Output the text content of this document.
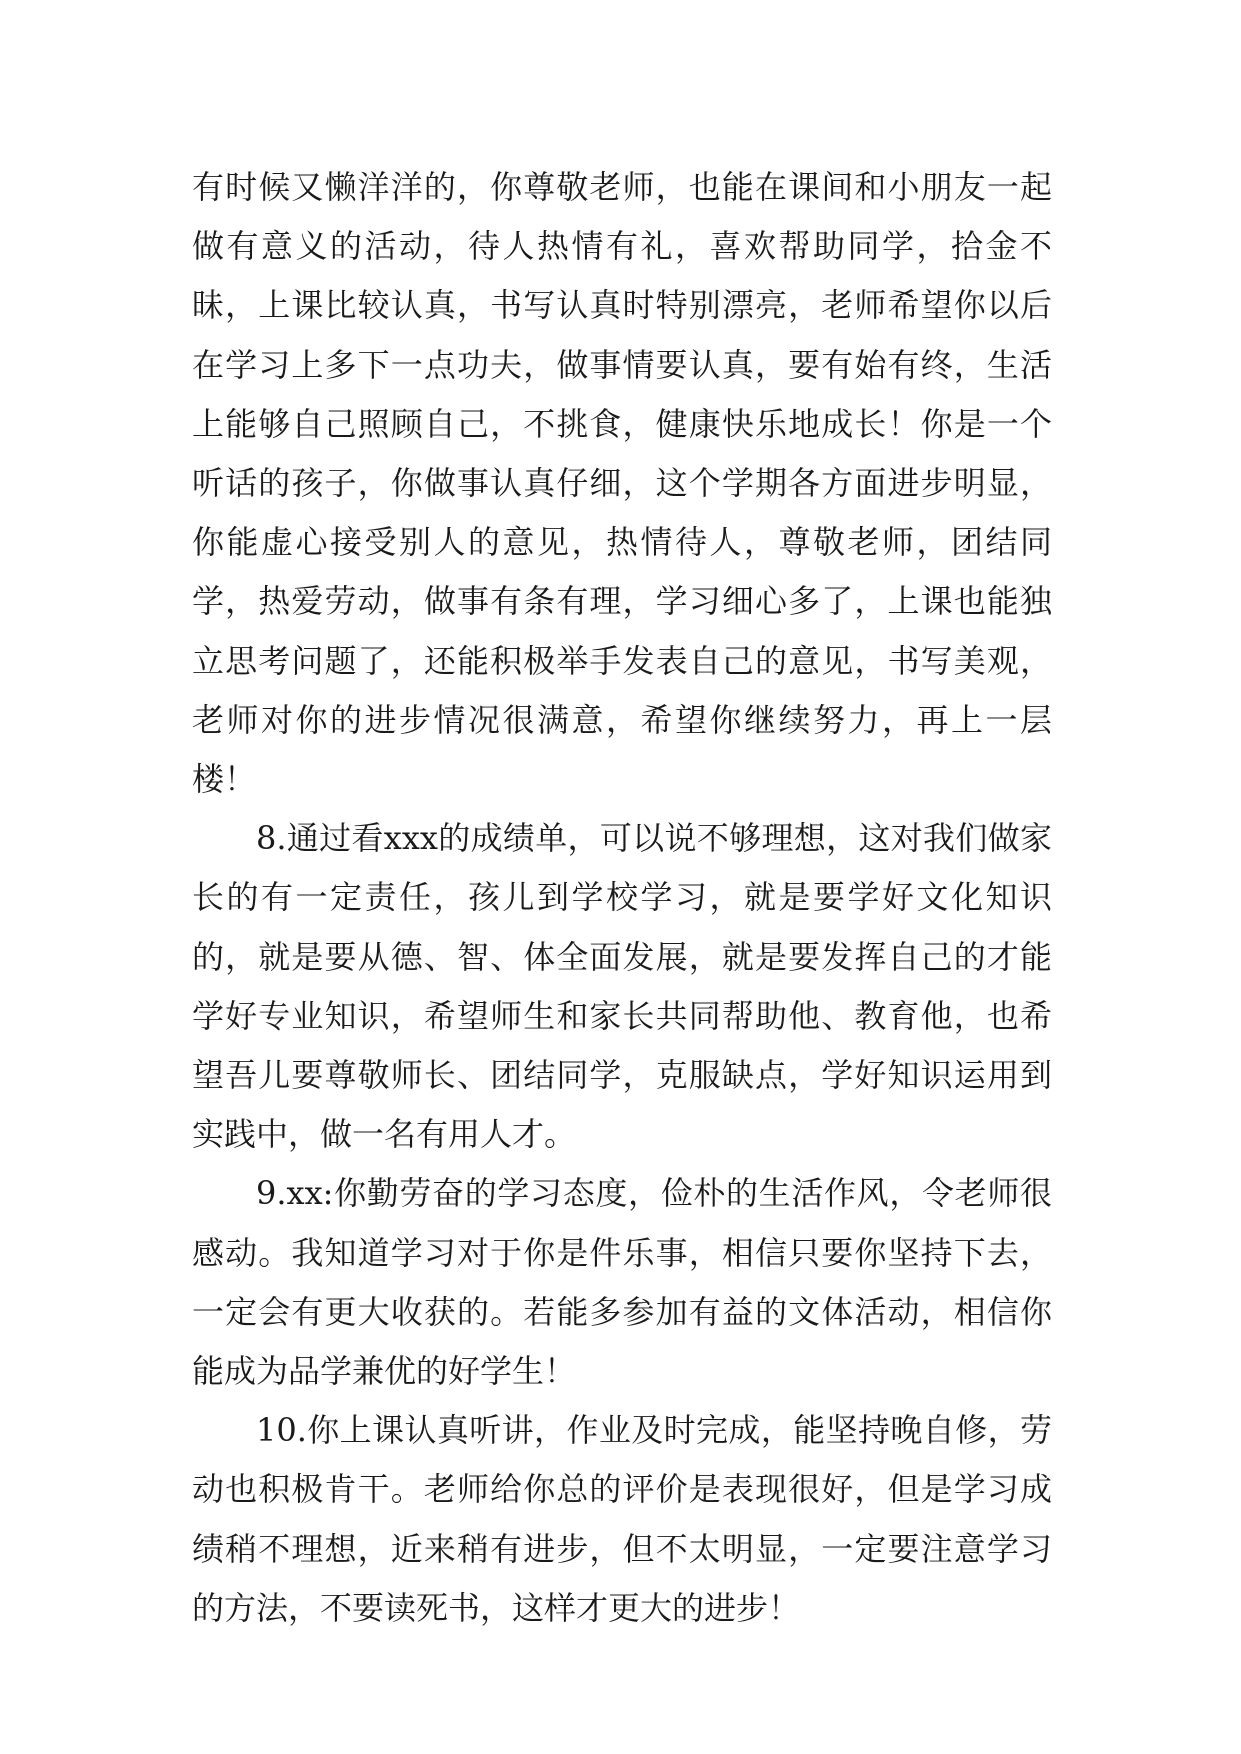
有时候又懒洋洋的，你尊敬老师，也能在课间和小朋友一起做有意义的活动，待人热情有礼，喜欢帮助同学，拾金不昧，上课比较认真，书写认真时特别漂亮，老师希望你以后在学习上多下一点功夫，做事情要认真，要有始有终，生活上能够自己照顾自己，不挑食，健康快乐地成长！你是一个听话的孩子，你做事认真仔细，这个学期各方面进步明显，你能虚心接受别人的意见，热情待人，尊敬老师，团结同学，热爱劳动，做事有条有理，学习细心多了，上课也能独立思考问题了，还能积极举手发表自己的意见，书写美观，老师对你的进步情况很满意，希望你继续努力，再上一层楼！

8.通过看xxx的成绩单，可以说不够理想，这对我们做家长的有一定责任，孩儿到学校学习，就是要学好文化知识的，就是要从德、智、体全面发展，就是要发挥自己的才能学好专业知识，希望师生和家长共同帮助他、教育他，也希望吾儿要尊敬师长、团结同学，克服缺点，学好知识运用到实践中，做一名有用人才。

9.xx:你勤劳奋的学习态度，俭朴的生活作风，令老师很感动。我知道学习对于你是件乐事，相信只要你坚持下去，一定会有更大收获的。若能多参加有益的文体活动，相信你能成为品学兼优的好学生！

10.你上课认真听讲，作业及时完成，能坚持晚自修，劳动也积极肯干。老师给你总的评价是表现很好，但是学习成绩稍不理想，近来稍有进步，但不太明显，一定要注意学习的方法，不要读死书，这样才更大的进步！
